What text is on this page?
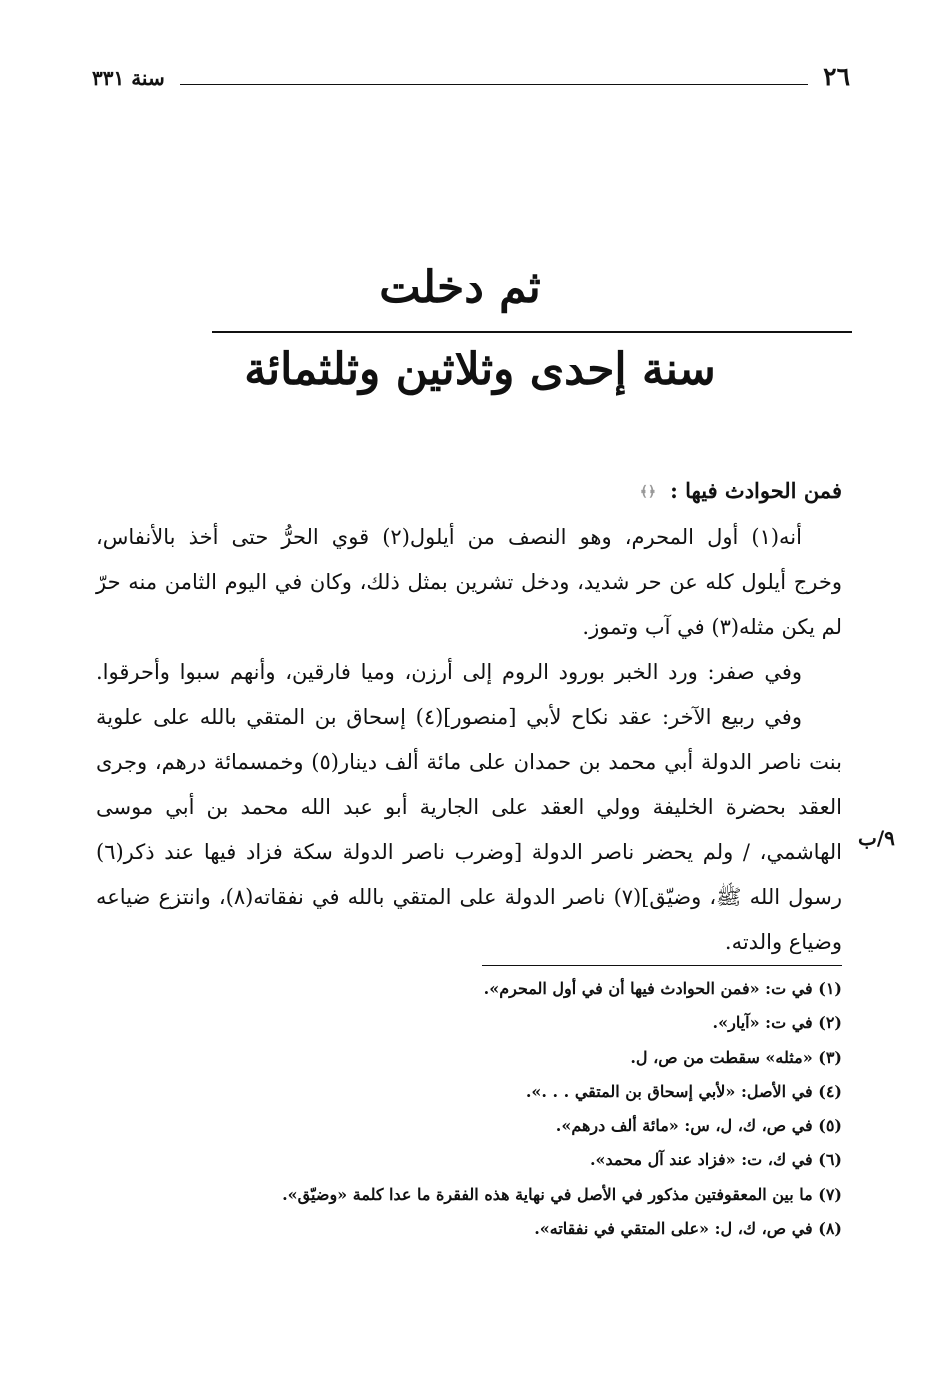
٢٦
سنة ٣٣١
ثم دخلت
سنة إحدى وثلاثين وثلثمائة
فمن الحوادث فيها :﴿﴾
أنه(١) أول المحرم، وهو النصف من أيلول(٢) قوي الحرُّ حتى أخذ بالأنفاس،
وخرج أيلول كله عن حر شديد، ودخل تشرين بمثل ذلك، وكان في اليوم الثامن منه حرّ
لم يكن مثله(٣) في آب وتموز.
وفي صفر: ورد الخبر بورود الروم إلى أرزن، وميا فارقين، وأنهم سبوا وأحرقوا.
وفي ربيع الآخر: عقد نكاح لأبي [منصور](٤) إسحاق بن المتقي بالله على علوية
بنت ناصر الدولة أبي محمد بن حمدان على مائة ألف دينار(٥) وخمسمائة درهم، وجرى
العقد بحضرة الخليفة وولي العقد على الجارية أبو عبد الله محمد بن أبي موسى
الهاشمي، / ولم يحضر ناصر الدولة [وضرب ناصر الدولة سكة فزاد فيها عند ذكر(٦)
رسول الله ﷺ، وضيّق](٧) ناصر الدولة على المتقي بالله في نفقاته(٨)، وانتزع ضياعه
وضياع والدته.
٩/ب
(١) في ت: «فمن الحوادث فيها أن في أول المحرم».
(٢) في ت: «آيار».
(٣) «مثله» سقطت من ص، ل.
(٤) في الأصل: «لأبي إسحاق بن المتقي . . .».
(٥) في ص، ك، ل، س: «مائة ألف درهم».
(٦) في ك، ت: «فزاد عند آل محمد».
(٧) ما بين المعقوفتين مذكور في الأصل في نهاية هذه الفقرة ما عدا كلمة «وضيّق».
(٨) في ص، ك، ل: «على المتقي في نفقاته».
